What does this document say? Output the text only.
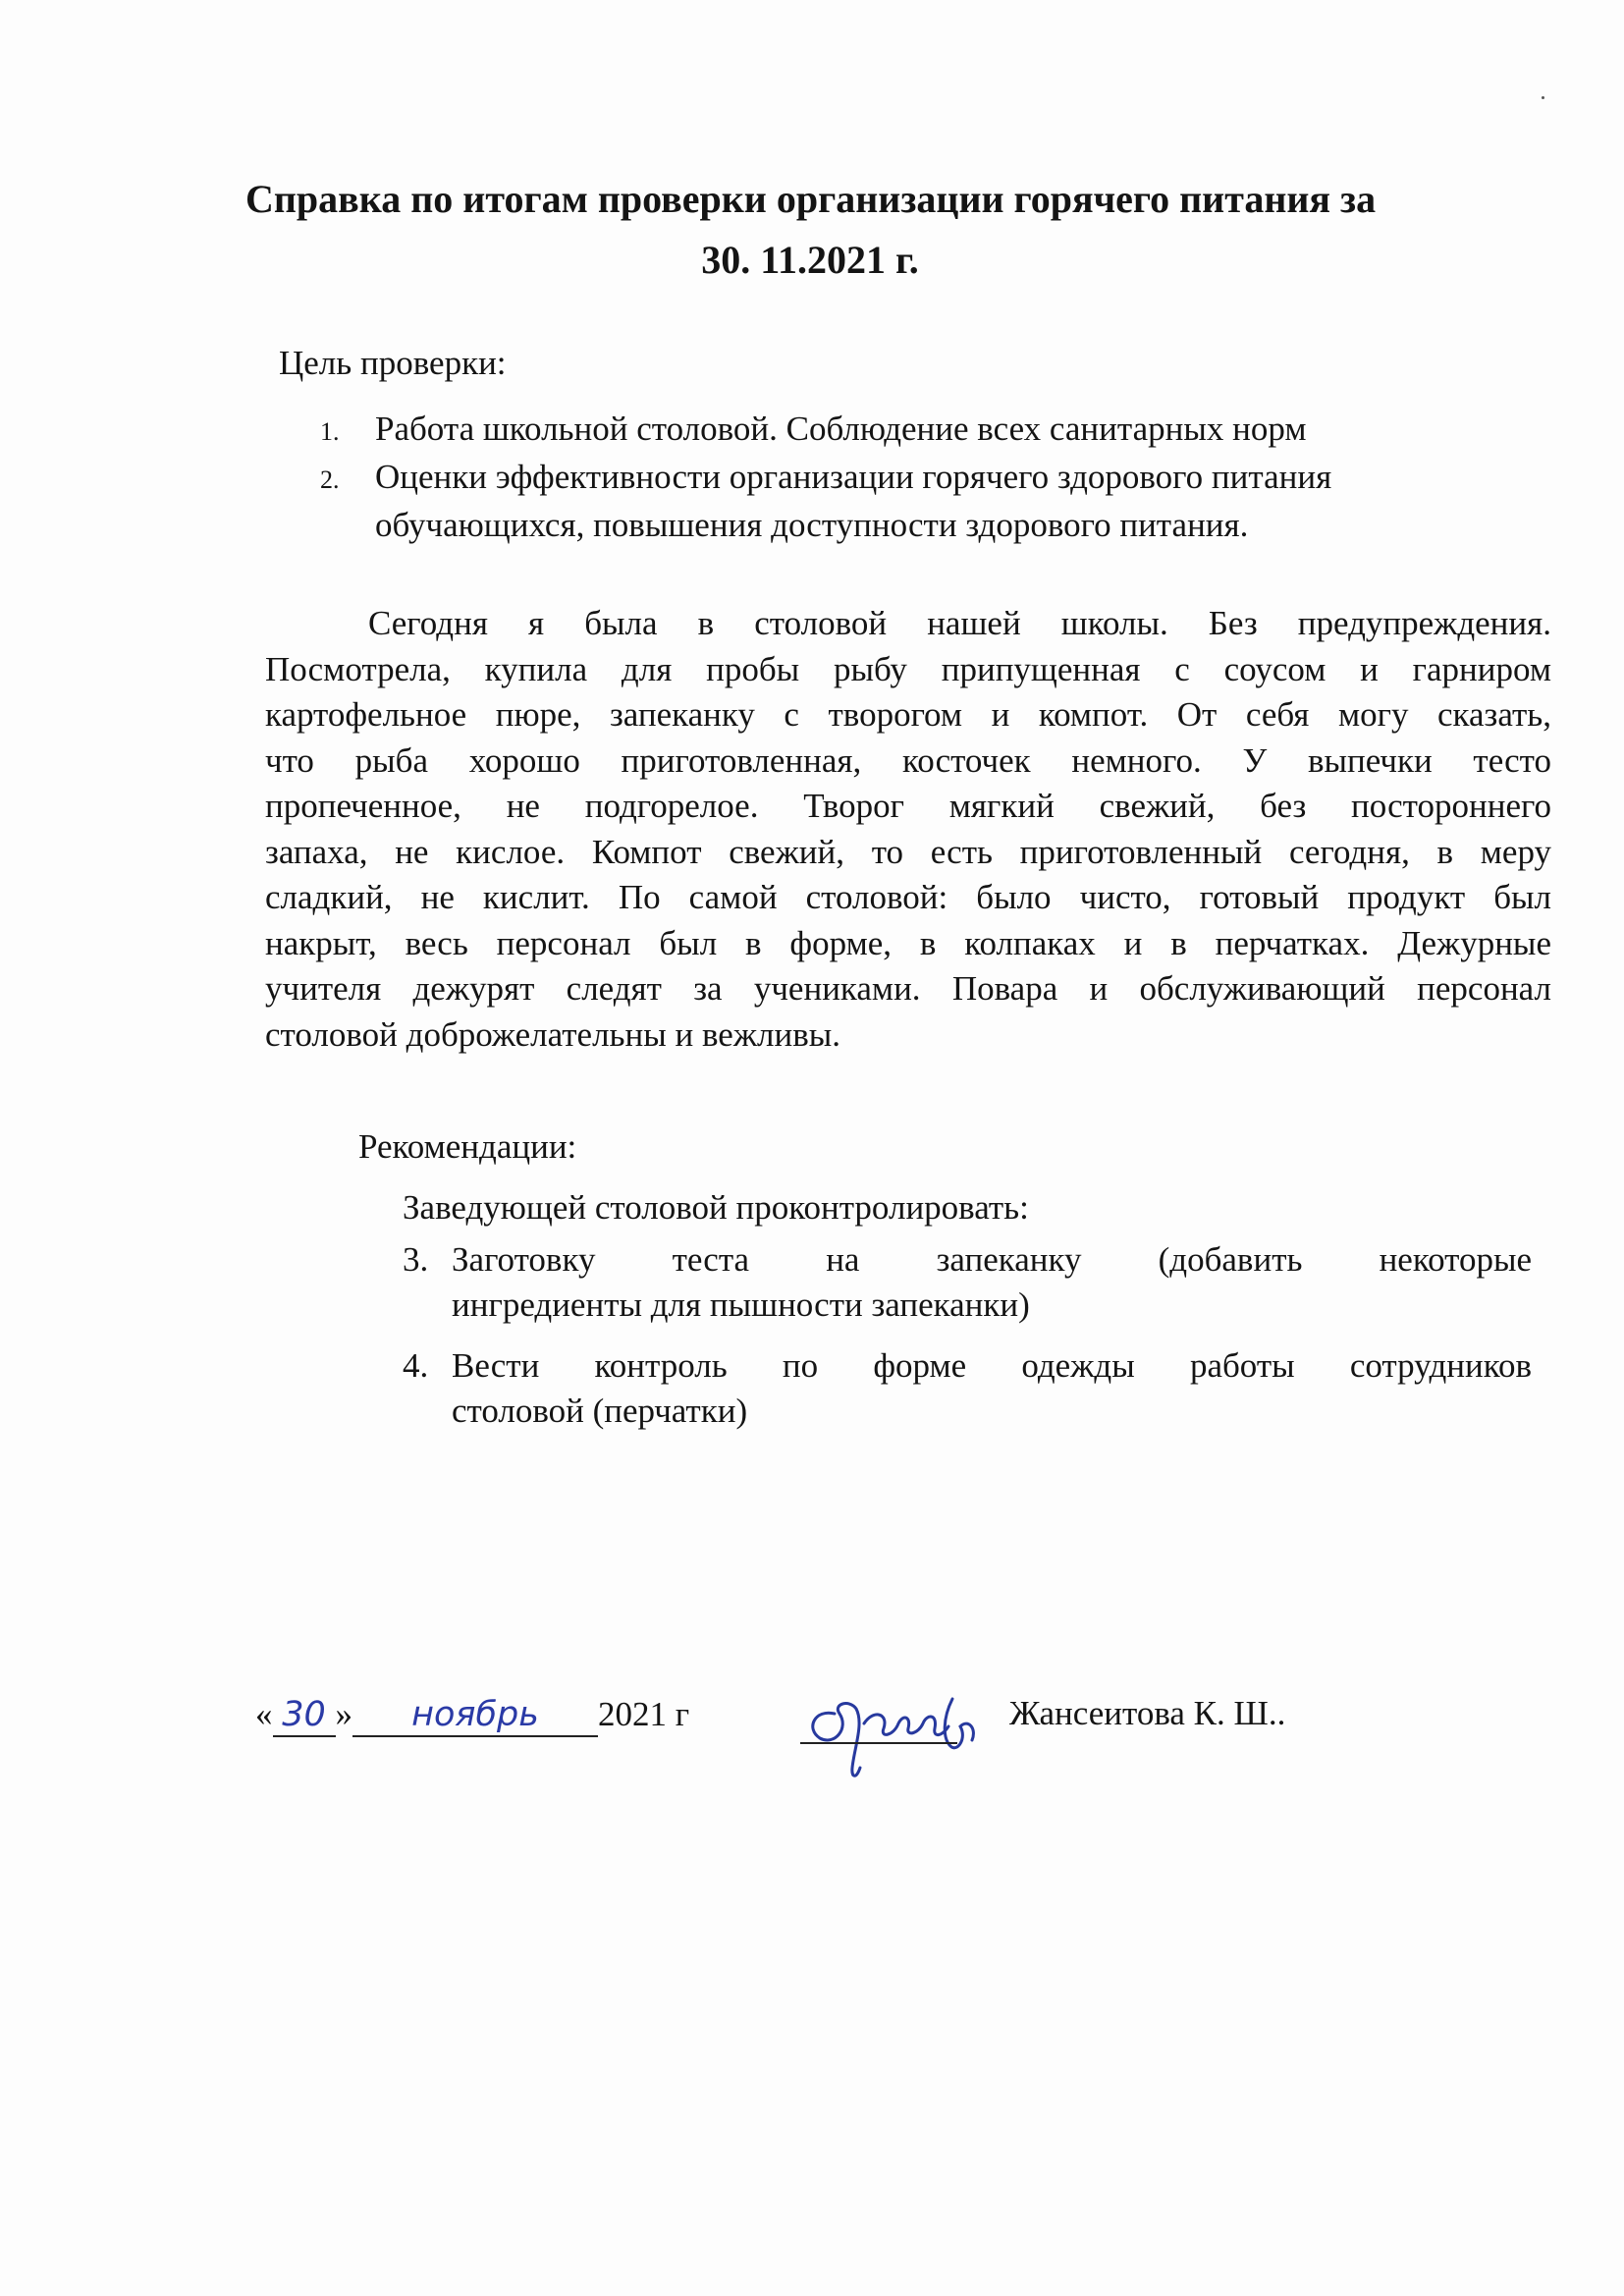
Справка по итогам проверки организации горячего питания за
30. 11.2021 г.
Цель проверки:
1. Работа школьной столовой. Соблюдение всех санитарных норм
2. Оценки эффективности организации горячего здорового питания
обучающихся, повышения доступности здорового питания.
Сегодня я была в столовой нашей школы. Без предупреждения.
Посмотрела, купила для пробы рыбу припущенная с соусом и гарниром
картофельное пюре, запеканку с творогом и компот. От себя могу сказать,
что рыба хорошо приготовленная, косточек немного. У выпечки тесто
пропеченное, не подгорелое. Творог мягкий свежий, без постороннего
запаха, не кислое. Компот свежий, то есть приготовленный сегодня, в меру
сладкий, не кислит. По самой столовой: было чисто, готовый продукт был
накрыт, весь персонал был в форме, в колпаках и в перчатках. Дежурные
учителя дежурят следят за учениками. Повара и обслуживающий персонал
столовой доброжелательны и вежливы.
Рекомендации:
Заведующей столовой проконтролировать:
3. Заготовку теста на запеканку (добавить некоторые
ингредиенты для пышности запеканки)
4. Вести контроль по форме одежды работы сотрудников
столовой (перчатки)
« 30 » ноябрь 2021 г	Жансеитова К. Ш..
